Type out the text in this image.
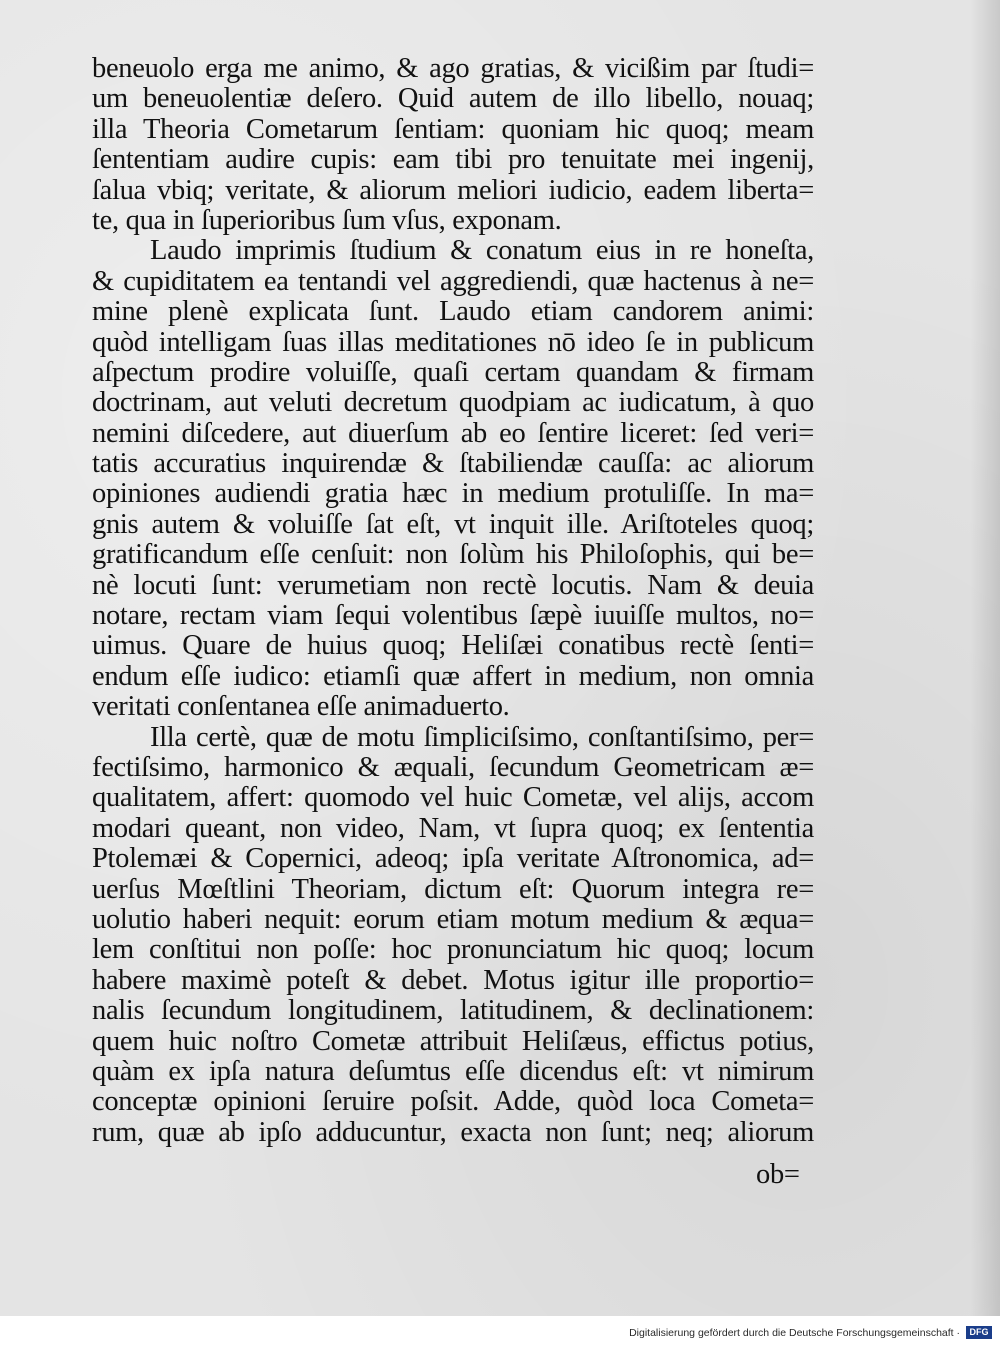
beneuolo erga me animo, & ago gratias, & vicißim par ſtudi=
um beneuolentiæ deſero. Quid autem de illo libello, nouaq;
illa Theoria Cometarum ſentiam: quoniam hic quoq; meam
ſententiam audire cupis: eam tibi pro tenuitate mei ingenij,
ſalua vbiq; veritate, & aliorum meliori iudicio, eadem liberta=
te, qua in ſuperioribus ſum vſus, exponam.
Laudo imprimis ſtudium & conatum eius in re honeſta,
& cupiditatem ea tentandi vel aggrediendi, quæ hactenus à ne=
mine plenè explicata ſunt. Laudo etiam candorem animi:
quòd intelligam ſuas illas meditationes nō ideo ſe in publicum
aſpectum prodire voluiſſe, quaſi certam quandam & firmam
doctrinam, aut veluti decretum quodpiam ac iudicatum, à quo
nemini diſcedere, aut diuerſum ab eo ſentire liceret: ſed veri=
tatis accuratius inquirendæ & ſtabiliendæ cauſſa: ac aliorum
opiniones audiendi gratia hæc in medium protuliſſe. In ma=
gnis autem & voluiſſe ſat eſt, vt inquit ille. Ariſtoteles quoq;
gratificandum eſſe cenſuit: non ſolùm his Philoſophis, qui be=
nè locuti ſunt: verumetiam non rectè locutis. Nam & deuia
notare, rectam viam ſequi volentibus ſæpè iuuiſſe multos, no=
uimus. Quare de huius quoq; Heliſæi conatibus rectè ſenti=
endum eſſe iudico: etiamſi quæ affert in medium, non omnia
veritati conſentanea eſſe animaduerto.
Illa certè, quæ de motu ſimpliciſsimo, conſtantiſsimo, per=
fectiſsimo, harmonico & æquali, ſecundum Geometricam æ=
qualitatem, affert: quomodo vel huic Cometæ, vel alijs, accom
modari queant, non video, Nam, vt ſupra quoq; ex ſententia
Ptolemæi & Copernici, adeoq; ipſa veritate Aſtronomica, ad=
uerſus Mœſtlini Theoriam, dictum eſt: Quorum integra re=
uolutio haberi nequit: eorum etiam motum medium & æqua=
lem conſtitui non poſſe: hoc pronunciatum hic quoq; locum
habere maximè poteſt & debet. Motus igitur ille proportio=
nalis ſecundum longitudinem, latitudinem, & declinationem:
quem huic noſtro Cometæ attribuit Heliſæus, effictus potius,
quàm ex ipſa natura deſumtus eſſe dicendus eſt: vt nimirum
conceptæ opinioni ſeruire poſsit. Adde, quòd loca Cometa=
rum, quæ ab ipſo adducuntur, exacta non ſunt; neq; aliorum
ob=
Digitalisierung gefördert durch die Deutsche Forschungsgemeinschaft ·	DFG
